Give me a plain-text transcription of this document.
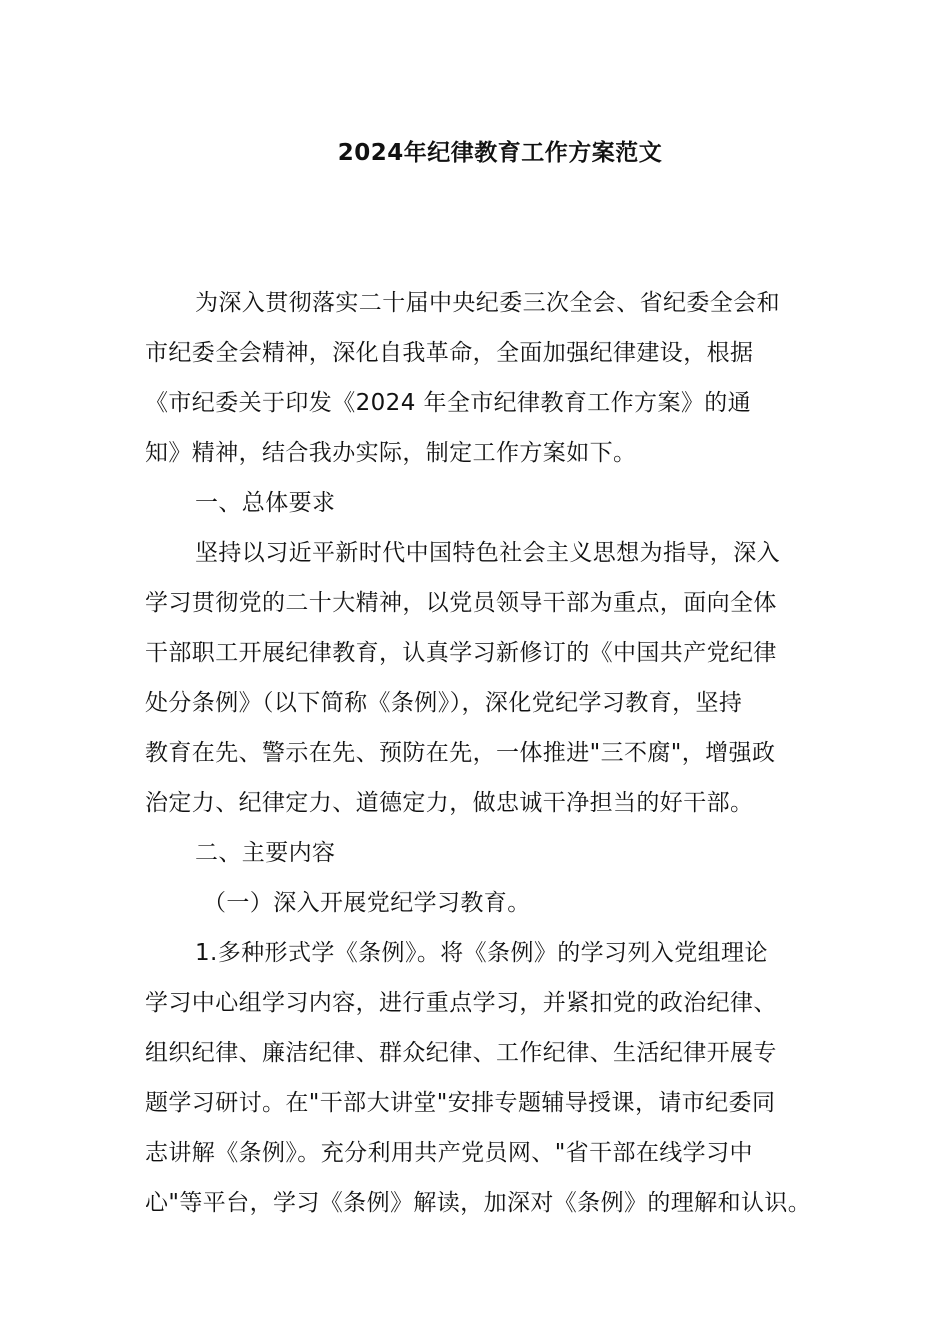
2024年纪律教育工作方案范文
为深入贯彻落实二十届中央纪委三次全会、省纪委全会和
市纪委全会精神，深化自我革命，全面加强纪律建设，根据
《市纪委关于印发《2024 年全市纪律教育工作方案》的通
知》精神，结合我办实际，制定工作方案如下。
一、总体要求
坚持以习近平新时代中国特色社会主义思想为指导，深入
学习贯彻党的二十大精神，以党员领导干部为重点，面向全体
干部职工开展纪律教育，认真学习新修订的《中国共产党纪律
处分条例》（以下简称《条例》），深化党纪学习教育，坚持
教育在先、警示在先、预防在先，一体推进"三不腐"，增强政
治定力、纪律定力、道德定力，做忠诚干净担当的好干部。
二、主要内容
（一）深入开展党纪学习教育。
1.多种形式学《条例》。将《条例》的学习列入党组理论
学习中心组学习内容，进行重点学习，并紧扣党的政治纪律、
组织纪律、廉洁纪律、群众纪律、工作纪律、生活纪律开展专
题学习研讨。在"干部大讲堂"安排专题辅导授课，请市纪委同
志讲解《条例》。充分利用共产党员网、"省干部在线学习中
心"等平台，学习《条例》解读，加深对《条例》的理解和认识。
